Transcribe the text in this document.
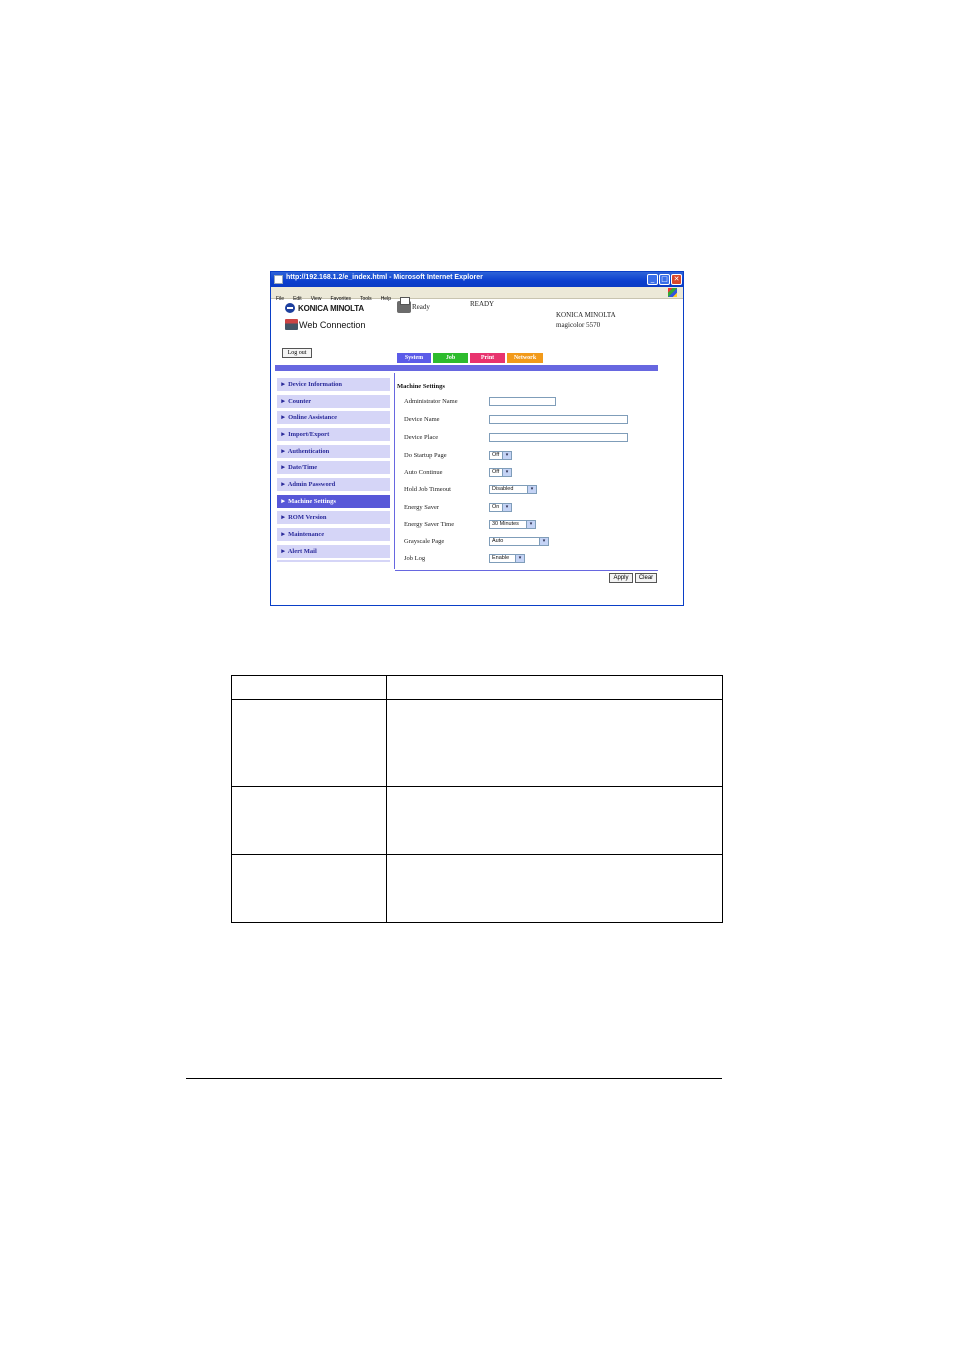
http://192.168.1.2/e_index.html - Microsoft Internet Explorer	_ □ ✕
File Edit View Favorites Tools Help
KONICA MINOLTA
Web Connection
Ready	READY
KONICA MINOLTA
magicolor 5570
Log out
System	Job	Print	Network
► Device Information
► Counter
► Online Assistance
► Import/Export
► Authentication
► Date/Time
► Admin Password
► Machine Settings
► ROM Version
► Maintenance
► Alert Mail
Machine Settings
Administrator Name
Device Name
Device Place
Do Startup Page	Off	▾
Auto Continue	Off	▾
Hold Job Timeout	Disabled	▾
Energy Saver	On	▾
Energy Saver Time	30 Minutes	▾
Grayscale Page	Auto	▾
Job Log	Enable	▾
Apply	Clear
